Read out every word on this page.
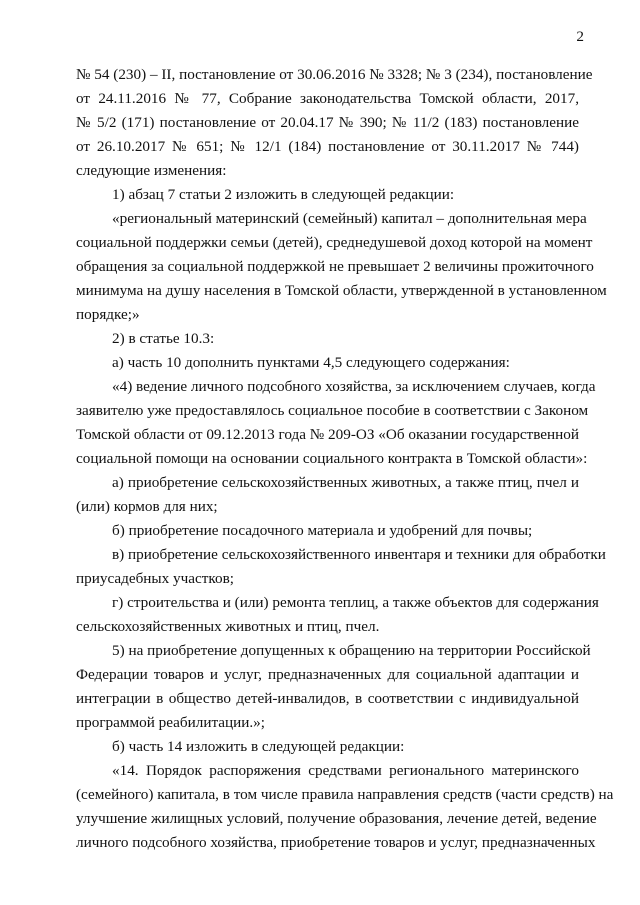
2
№ 54 (230) – II, постановление от 30.06.2016 № 3328; № 3 (234), постановление
от 24.11.2016 № 77, Собрание законодательства Томской области, 2017,
№ 5/2 (171) постановление от 20.04.17 № 390; № 11/2 (183) постановление
от 26.10.2017 № 651; № 12/1 (184) постановление от 30.11.2017 № 744)
следующие изменения:
1) абзац 7 статьи 2 изложить в следующей редакции:
«региональный материнский (семейный) капитал – дополнительная мера
социальной поддержки семьи (детей), среднедушевой доход которой на момент
обращения за социальной поддержкой не превышает 2 величины прожиточного
минимума на душу населения в Томской области, утвержденной в установленном
порядке;»
2) в статье 10.3:
а) часть 10 дополнить пунктами 4,5 следующего содержания:
«4) ведение личного подсобного хозяйства, за исключением случаев, когда
заявителю уже предоставлялось социальное пособие в соответствии с Законом
Томской области от 09.12.2013 года № 209-ОЗ «Об оказании государственной
социальной помощи на основании социального контракта в Томской области»:
а) приобретение сельскохозяйственных животных, а также птиц, пчел и
(или) кормов для них;
б) приобретение посадочного материала и удобрений для почвы;
в) приобретение сельскохозяйственного инвентаря и техники для обработки
приусадебных участков;
г) строительства и (или) ремонта теплиц, а также объектов для содержания
сельскохозяйственных животных и птиц, пчел.
5) на приобретение допущенных к обращению на территории Российской
Федерации товаров и услуг, предназначенных для социальной адаптации и
интеграции в общество детей-инвалидов, в соответствии с индивидуальной
программой реабилитации.»;
б) часть 14 изложить в следующей редакции:
«14. Порядок распоряжения средствами регионального материнского
(семейного) капитала, в том числе правила направления средств (части средств) на
улучшение жилищных условий, получение образования, лечение детей, ведение
личного подсобного хозяйства, приобретение товаров и услуг, предназначенных
